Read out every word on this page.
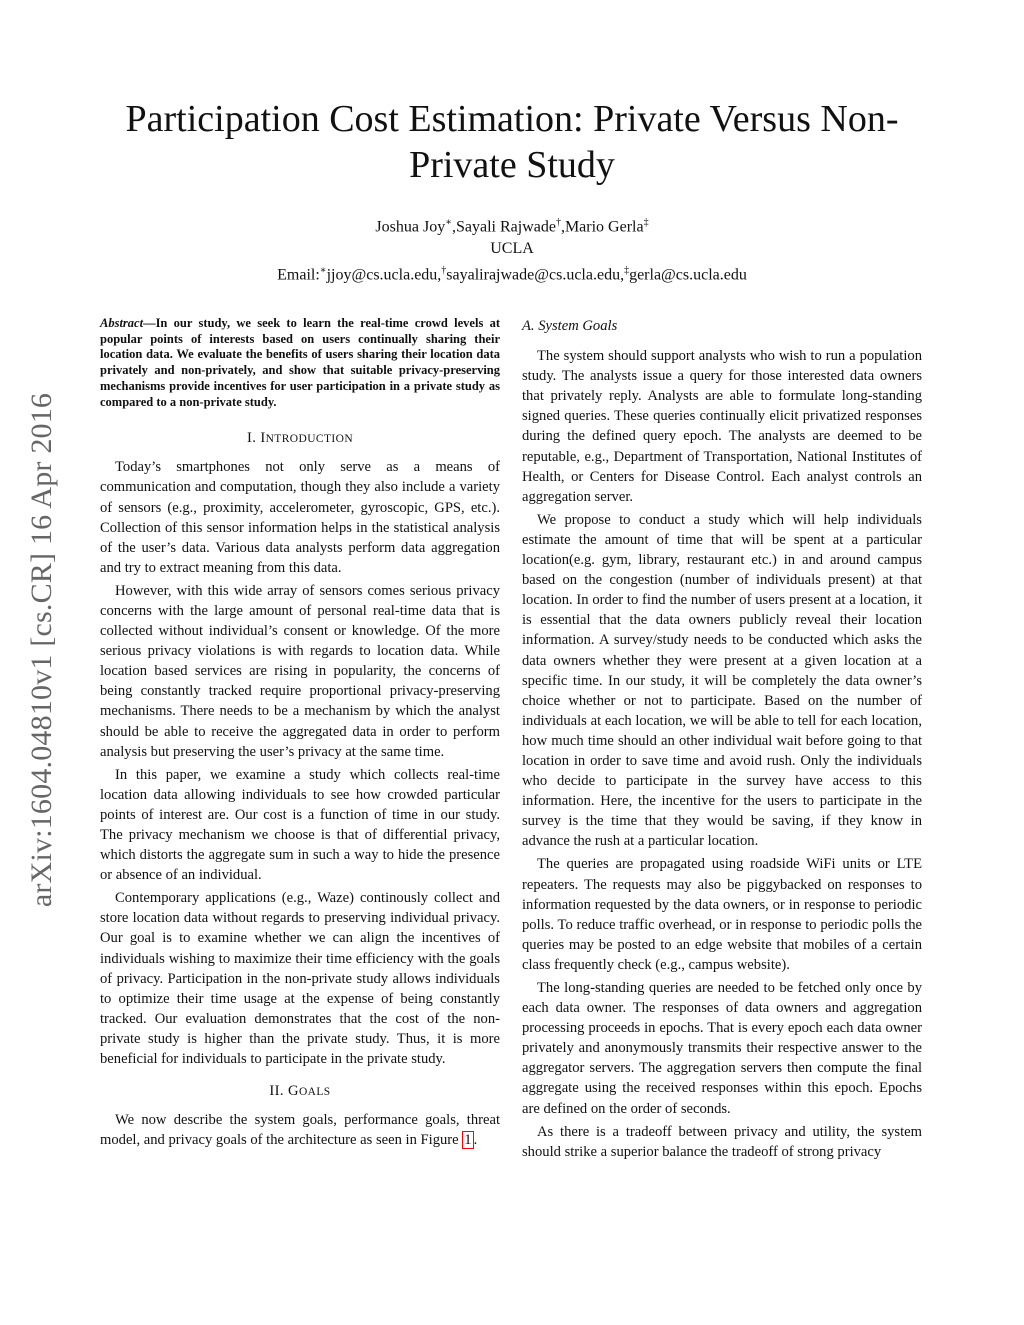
arXiv:1604.04810v1 [cs.CR] 16 Apr 2016
Participation Cost Estimation: Private Versus Non-Private Study
Joshua Joy∗,Sayali Rajwade†,Mario Gerla‡
UCLA
Email:∗jjoy@cs.ucla.edu,†sayalirajwade@cs.ucla.edu,‡gerla@cs.ucla.edu

Abstract—In our study, we seek to learn the real-time crowd levels at popular points of interests based on users continually sharing their location data. We evaluate the benefits of users sharing their location data privately and non-privately, and show that suitable privacy-preserving mechanisms provide incentives for user participation in a private study as compared to a non-private study.

I. INTRODUCTION

Today’s smartphones not only serve as a means of communication and computation, though they also include a variety of sensors (e.g., proximity, accelerometer, gyroscopic, GPS, etc.). Collection of this sensor information helps in the statistical analysis of the user’s data. Various data analysts perform data aggregation and try to extract meaning from this data.

However, with this wide array of sensors comes serious privacy concerns with the large amount of personal real-time data that is collected without individual’s consent or knowledge. Of the more serious privacy violations is with regards to location data. While location based services are rising in popularity, the concerns of being constantly tracked require proportional privacy-preserving mechanisms. There needs to be a mechanism by which the analyst should be able to receive the aggregated data in order to perform analysis but preserving the user’s privacy at the same time.

In this paper, we examine a study which collects real-time location data allowing individuals to see how crowded particular points of interest are. Our cost is a function of time in our study. The privacy mechanism we choose is that of differential privacy, which distorts the aggregate sum in such a way to hide the presence or absence of an individual.

Contemporary applications (e.g., Waze) continously collect and store location data without regards to preserving individual privacy. Our goal is to examine whether we can align the incentives of individuals wishing to maximize their time efficiency with the goals of privacy. Participation in the non-private study allows individuals to optimize their time usage at the expense of being constantly tracked. Our evaluation demonstrates that the cost of the non-private study is higher than the private study. Thus, it is more beneficial for individuals to participate in the private study.

II. GOALS

We now describe the system goals, performance goals, threat model, and privacy goals of the architecture as seen in Figure 1 .

A. System Goals

The system should support analysts who wish to run a population study. The analysts issue a query for those interested data owners that privately reply. Analysts are able to formulate long-standing signed queries. These queries continually elicit privatized responses during the defined query epoch. The analysts are deemed to be reputable, e.g., Department of Transportation, National Institutes of Health, or Centers for Disease Control. Each analyst controls an aggregation server.

We propose to conduct a study which will help individuals estimate the amount of time that will be spent at a particular location(e.g. gym, library, restaurant etc.) in and around campus based on the congestion (number of individuals present) at that location. In order to find the number of users present at a location, it is essential that the data owners publicly reveal their location information. A survey/study needs to be conducted which asks the data owners whether they were present at a given location at a specific time. In our study, it will be completely the data owner’s choice whether or not to participate. Based on the number of individuals at each location, we will be able to tell for each location, how much time should an other individual wait before going to that location in order to save time and avoid rush. Only the individuals who decide to participate in the survey have access to this information. Here, the incentive for the users to participate in the survey is the time that they would be saving, if they know in advance the rush at a particular location.

The queries are propagated using roadside WiFi units or LTE repeaters. The requests may also be piggybacked on responses to information requested by the data owners, or in response to periodic polls. To reduce traffic overhead, or in response to periodic polls the queries may be posted to an edge website that mobiles of a certain class frequently check (e.g., campus website).

The long-standing queries are needed to be fetched only once by each data owner. The responses of data owners and aggregation processing proceeds in epochs. That is every epoch each data owner privately and anonymously transmits their respective answer to the aggregator servers. The aggregation servers then compute the final aggregate using the received responses within this epoch. Epochs are defined on the order of seconds.

As there is a tradeoff between privacy and utility, the system should strike a superior balance the tradeoff of strong privacy
